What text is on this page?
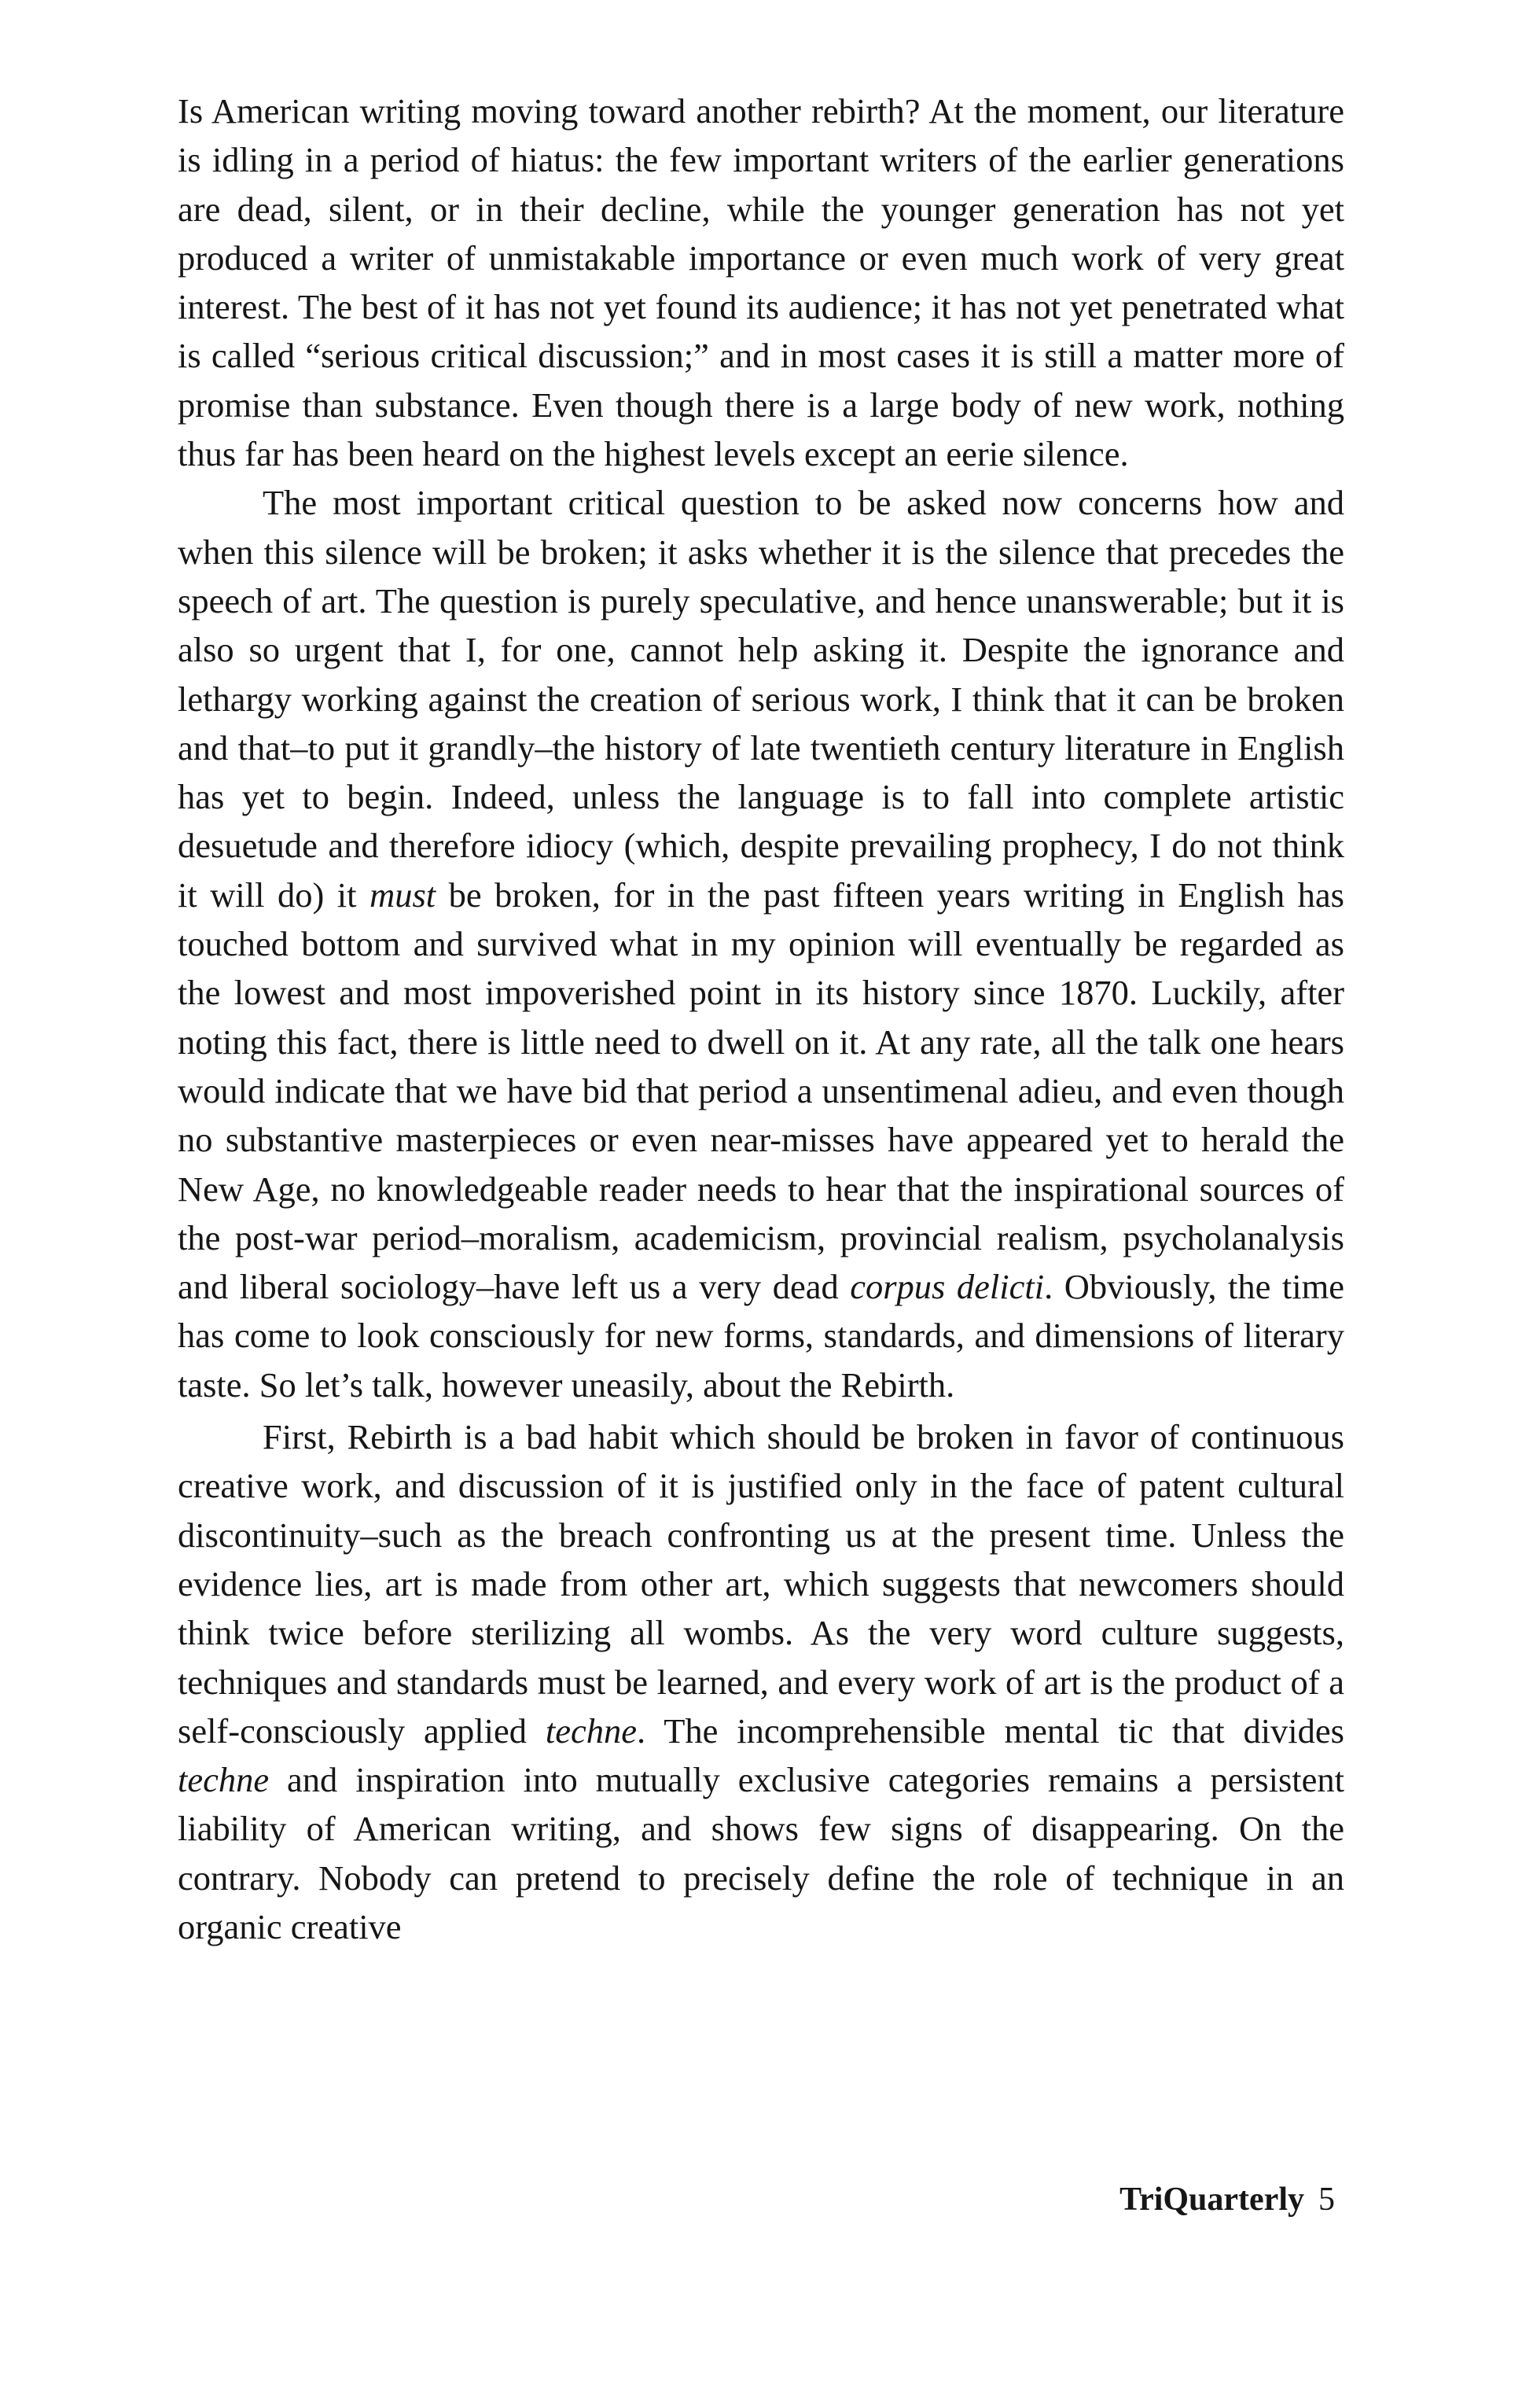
Is American writing moving toward another rebirth? At the moment, our literature is idling in a period of hiatus: the few important writers of the earlier generations are dead, silent, or in their decline, while the younger generation has not yet produced a writer of unmistakable importance or even much work of very great interest. The best of it has not yet found its audience; it has not yet penetrated what is called “serious critical discussion;” and in most cases it is still a matter more of promise than substance. Even though there is a large body of new work, nothing thus far has been heard on the highest levels except an eerie silence.

The most important critical question to be asked now concerns how and when this silence will be broken; it asks whether it is the silence that precedes the speech of art. The question is purely speculative, and hence unanswerable; but it is also so urgent that I, for one, cannot help asking it. Despite the ignorance and lethargy working against the creation of serious work, I think that it can be broken and that–to put it grandly–the history of late twentieth century literature in English has yet to begin. Indeed, unless the language is to fall into complete artistic desuetude and therefore idiocy (which, despite prevailing prophecy, I do not think it will do) it must be broken, for in the past fifteen years writing in English has touched bottom and survived what in my opinion will eventually be regarded as the lowest and most impoverished point in its history since 1870. Luckily, after noting this fact, there is little need to dwell on it. At any rate, all the talk one hears would indicate that we have bid that period a unsentimenal adieu, and even though no substantive masterpieces or even near-misses have appeared yet to herald the New Age, no knowledgeable reader needs to hear that the inspirational sources of the post-war period–moralism, academicism, provincial realism, psycholanalysis and liberal sociology–have left us a very dead corpus delicti. Obviously, the time has come to look consciously for new forms, standards, and dimensions of literary taste. So let’s talk, however uneasily, about the Rebirth.

First, Rebirth is a bad habit which should be broken in favor of continuous creative work, and discussion of it is justified only in the face of patent cultural discontinuity–such as the breach confronting us at the present time. Unless the evidence lies, art is made from other art, which suggests that newcomers should think twice before sterilizing all wombs. As the very word culture suggests, techniques and standards must be learned, and every work of art is the product of a self-consciously applied techne. The incomprehensible mental tic that divides techne and inspiration into mutually exclusive categories remains a persistent liability of American writing, and shows few signs of disappearing. On the contrary. Nobody can pretend to precisely define the role of technique in an organic creative

TriQuarterly 5
